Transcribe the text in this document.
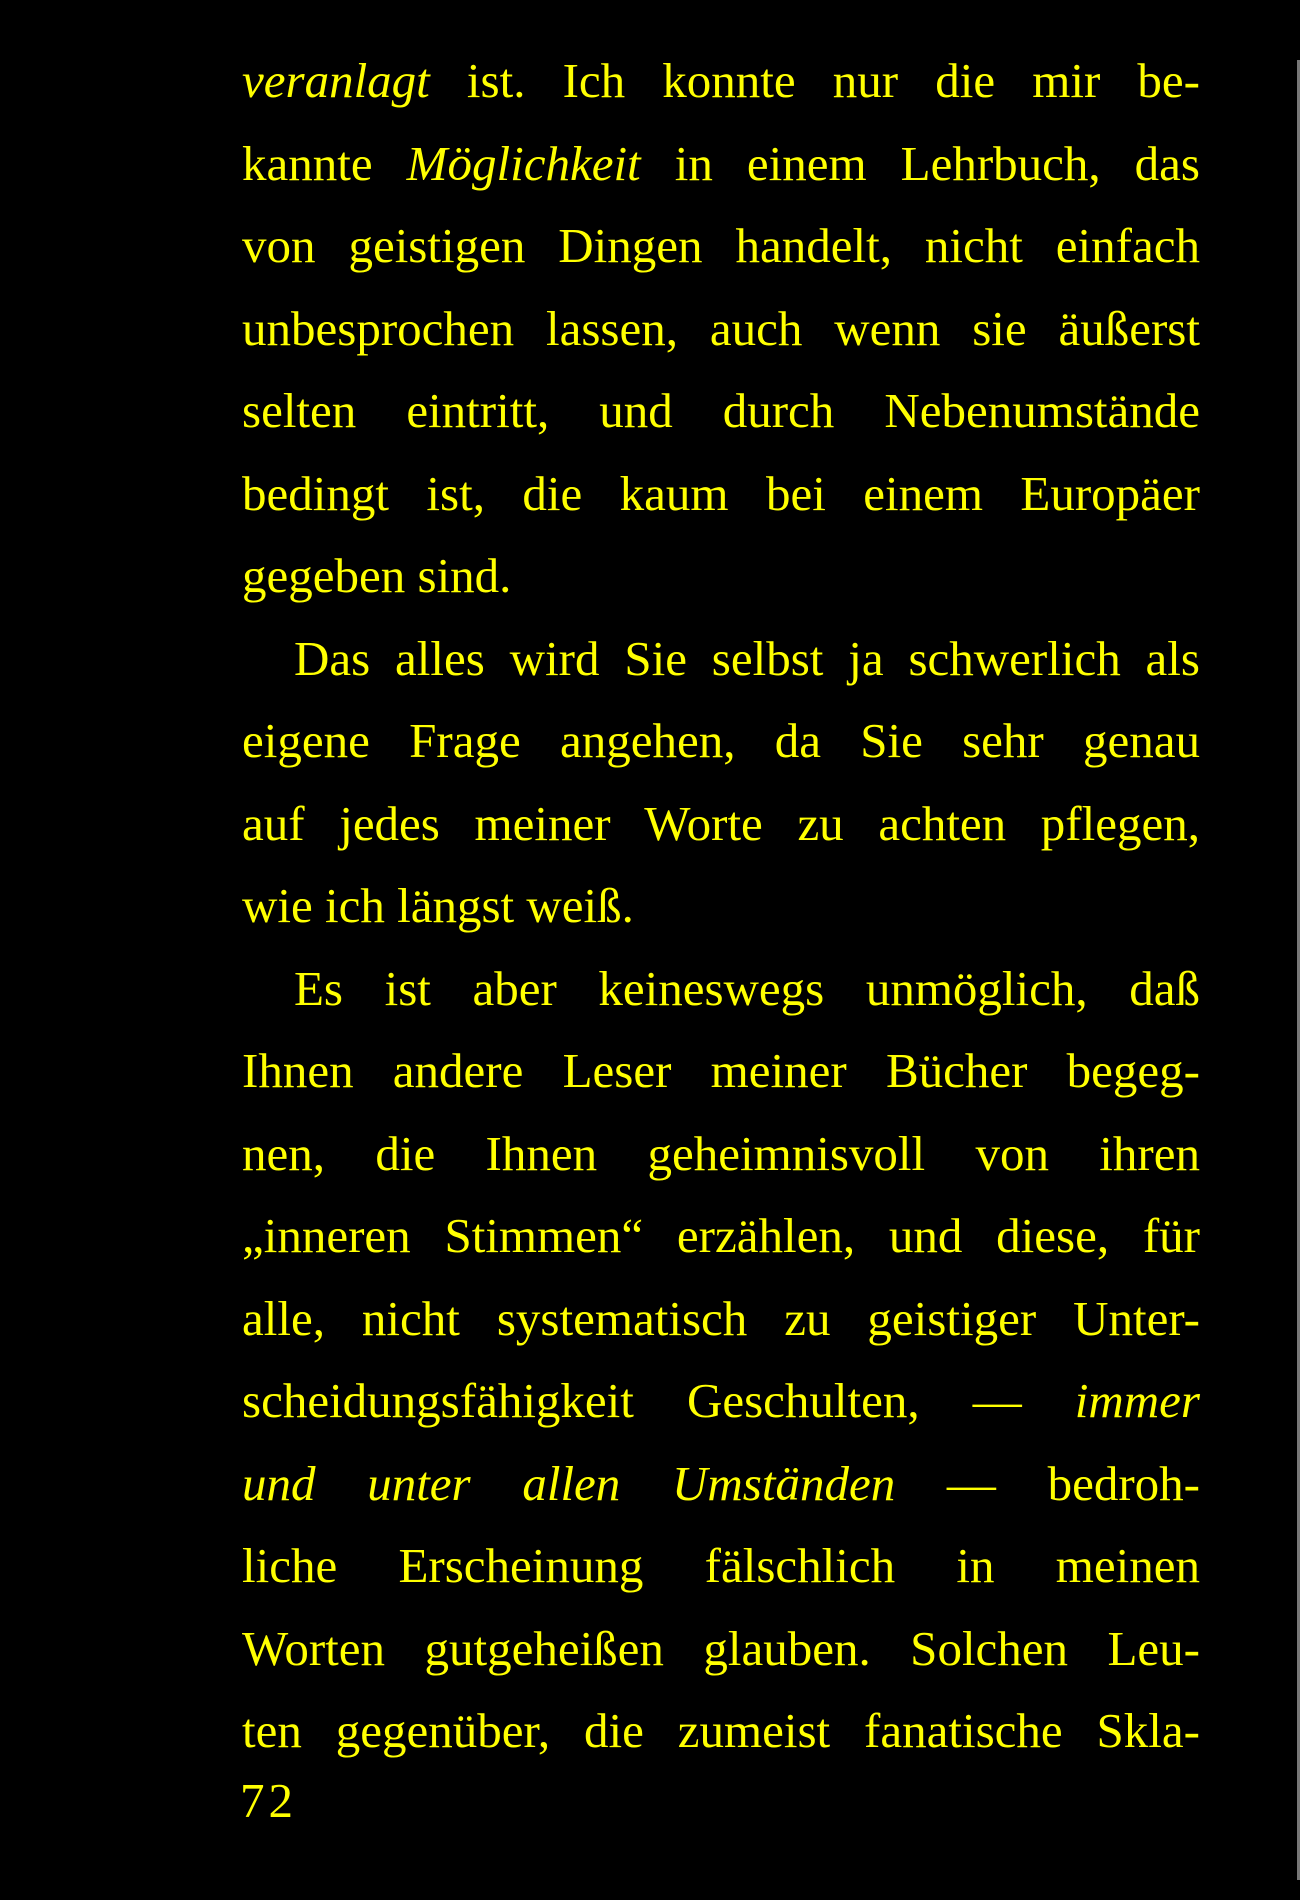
veranlagt ist. Ich konnte nur die mir be-
kannte Möglichkeit in einem Lehrbuch, das
von geistigen Dingen handelt, nicht einfach
unbesprochen lassen, auch wenn sie äußerst
selten eintritt, und durch Nebenumstände
bedingt ist, die kaum bei einem Europäer
gegeben sind.
Das alles wird Sie selbst ja schwerlich als
eigene Frage angehen, da Sie sehr genau
auf jedes meiner Worte zu achten pflegen,
wie ich längst weiß.
Es ist aber keineswegs unmöglich, daß
Ihnen andere Leser meiner Bücher begeg-
nen, die Ihnen geheimnisvoll von ihren
„inneren Stimmen“ erzählen, und diese, für
alle, nicht systematisch zu geistiger Unter-
scheidungsfähigkeit Geschulten, — immer
und unter allen Umständen — bedroh-
liche Erscheinung fälschlich in meinen
Worten gutgeheißen glauben. Solchen Leu-
ten gegenüber, die zumeist fanatische Skla-
72
